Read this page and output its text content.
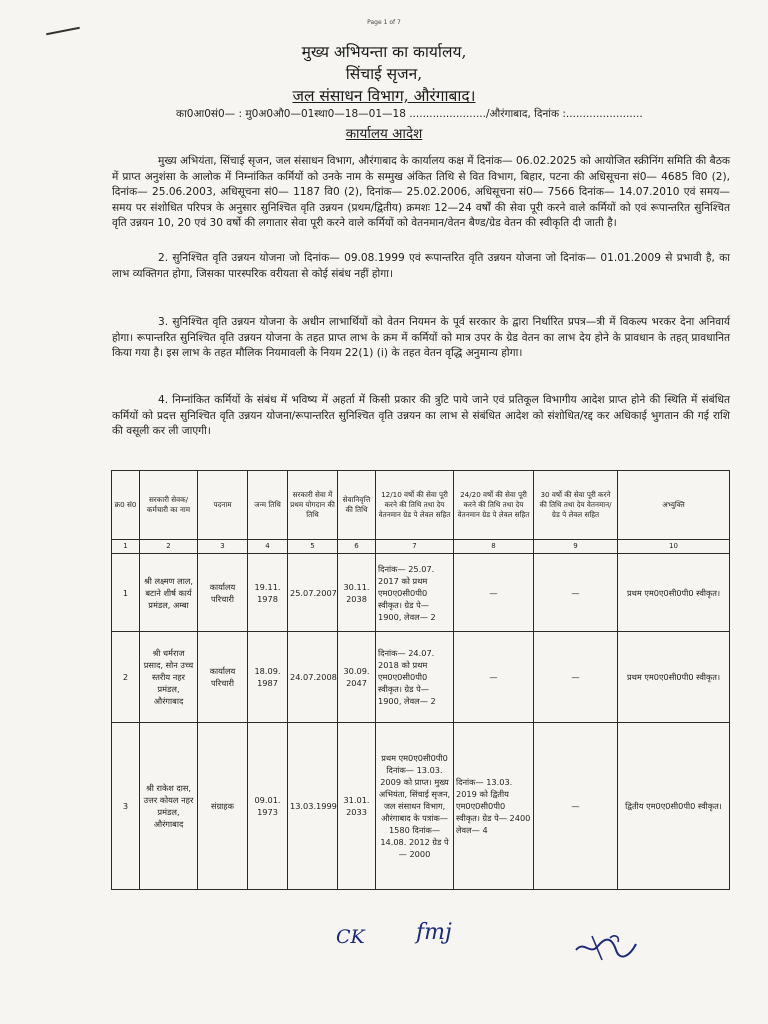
Page 1 of 7
मुख्य अभियन्ता का कार्यालय,
सिंचाई सृजन,
जल संसाधन विभाग, औरंगाबाद।
का0आ0सं0— : मु0अ0औ0—01स्था0—18—01—18 ......................./औरंगाबाद, दिनांक :.......................
कार्यालय आदेश
मुख्य अभियंता, सिंचाई सृजन, जल संसाधन विभाग, औरंगाबाद के कार्यालय कक्ष में दिनांक— 06.02.2025 को आयोजित स्क्रीनिंग समिति की बैठक में प्राप्त अनुशंसा के आलोक में निम्नांकित कर्मियों को उनके नाम के सम्मुख अंकित तिथि से वित विभाग, बिहार, पटना की अधिसूचना सं0— 4685 वि0 (2), दिनांक— 25.06.2003, अधिसूचना सं0— 1187 वि0 (2), दिनांक— 25.02.2006, अधिसूचना सं0— 7566 दिनांक— 14.07.2010 एवं समय—समय पर संशोधित परिपत्र के अनुसार सुनिश्चित वृति उन्नयन (प्रथम/द्वितीय) क्रमशः 12—24 वर्षों की सेवा पूरी करने वाले कर्मियों को एवं रूपान्तरित सुनिश्चित वृति उन्नयन 10, 20 एवं 30 वर्षो की लगातार सेवा पूरी करने वाले कर्मियों को वेतनमान/वेतन बैण्ड/ग्रेड वेतन की स्वीकृति दी जाती है।
2. सुनिश्चित वृति उन्नयन योजना जो दिनांक— 09.08.1999 एवं रूपान्तरित वृति उन्नयन योजना जो दिनांक— 01.01.2009 से प्रभावी है, का लाभ व्यक्तिगत होगा, जिसका पारस्परिक वरीयता से कोई संबंध नहीं होगा।
3. सुनिश्चित वृति उन्नयन योजना के अधीन लाभार्थियों को वेतन नियमन के पूर्व सरकार के द्वारा निर्धारित प्रपत्र—त्री में विकल्प भरकर देना अनिवार्य होगा। रूपान्तरित सुनिश्चित वृति उन्नयन योजना के तहत प्राप्त लाभ के क्रम में कर्मियों को मात्र उपर के ग्रेड वेतन का लाभ देय होने के प्रावधान के तहत् प्रावधानित किया गया है। इस लाभ के तहत मौलिक नियमावली के नियम 22(1) (i) के तहत वेतन वृद्धि अनुमान्य होगा।
4. निम्नांकित कर्मियों के संबंध में भविष्य में अहर्ता में किसी प्रकार की त्रुटि पाये जाने एवं प्रतिकूल विभागीय आदेश प्राप्त होने की स्थिति में संबंधित कर्मियों को प्रदत्त सुनिश्चित वृति उन्नयन योजना/रूपान्तरित सुनिश्चित वृति उन्नयन का लाभ से संबंधित आदेश को संशोधित/रद्द कर अधिकाई भुगतान की गई राशि की वसूली कर ली जाएगी।
क्र0 सं0	सरकारी सेवक/ कर्मचारी का नाम	पदनाम	जन्म तिथि	सरकारी सेवा में प्रथम योगदान की तिथि	सेवानिवृत्ति की तिथि	12/10 वर्षो की सेवा पूरी करने की तिथि तथा देय वेतनमान ग्रेड पे लेवल सहित	24/20 वर्षो की सेवा पूरी करने की तिथि तथा देय वेतनमान ग्रेड पे लेवल सहित	30 वर्षो की सेवा पूरी करने की तिथि तथा देय वेतनमान/ ग्रेड पे लेवल सहित	अभ्युक्ति
1	2	3	4	5	6	7	8	9	10
1	श्री लक्ष्मण लाल, बटाने शीर्ष कार्य प्रमंडल, अम्बा	कार्यालय परिचारी	19.11. 1978	25.07.2007	30.11. 2038	दिनांक— 25.07. 2017 को प्रथम एम0ए0सी0पी0 स्वीकृत। ग्रेड पे— 1900, लेवल— 2	—	—	प्रथम एम0ए0सी0पी0 स्वीकृत।
2	श्री धर्मराज प्रसाद, सोन उच्च स्तरीय नहर प्रमंडल, औरंगाबाद	कार्यालय परिचारी	18.09. 1987	24.07.2008	30.09. 2047	दिनांक— 24.07. 2018 को प्रथम एम0ए0सी0पी0 स्वीकृत। ग्रेड पे— 1900, लेवल— 2	—	—	प्रथम एम0ए0सी0पी0 स्वीकृत।
3	श्री राकेश दास, उत्तर कोयल नहर प्रमंडल, औरंगाबाद	संग्राहक	09.01. 1973	13.03.1999	31.01. 2033	प्रथम एम0ए0सी0पी0 दिनांक— 13.03. 2009 को प्राप्त। मुख्य अभियंता, सिंचाई सृजन, जल संसाधन विभाग, औरंगाबाद के पत्रांक— 1580 दिनांक— 14.08. 2012 ग्रेड पे— 2000	दिनांक— 13.03. 2019 को द्वितीय एम0ए0सी0पी0 स्वीकृत। ग्रेड पे— 2400 लेवल— 4	—	द्वितीय एम0ए0सी0पी0 स्वीकृत।
CK fmj
